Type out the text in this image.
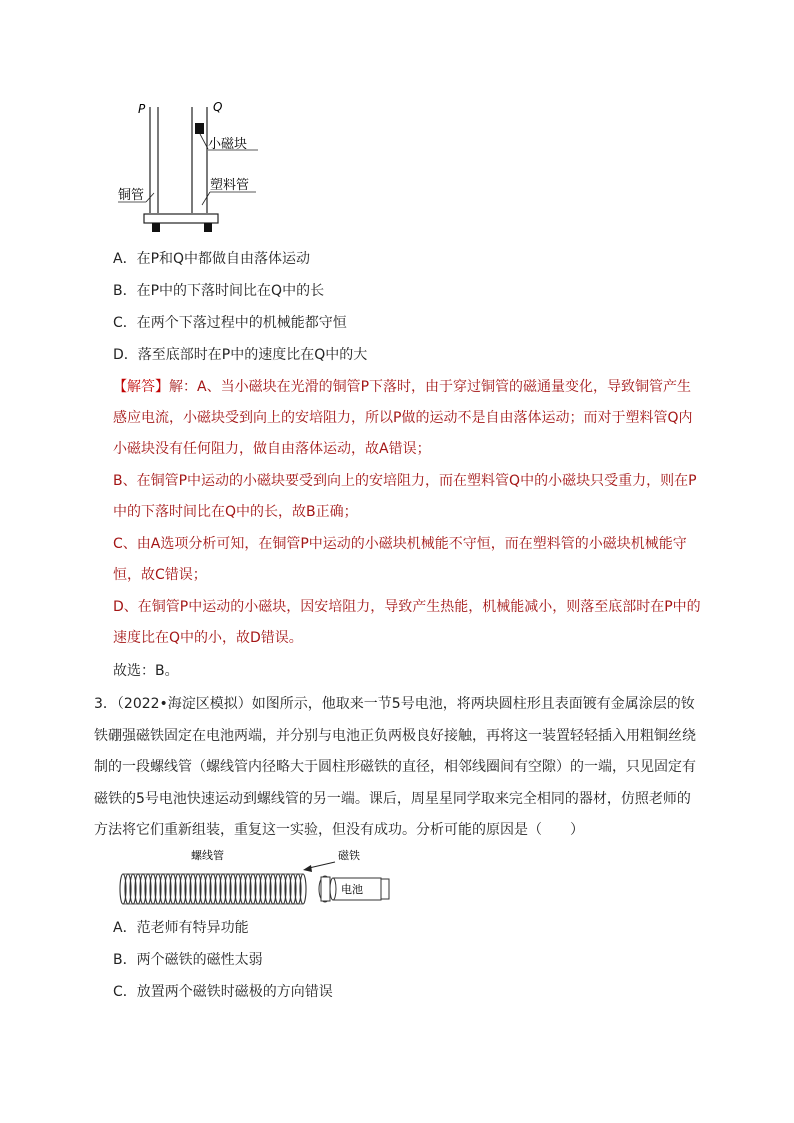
P	Q
小磁块
塑料管
铜管
A．在P和Q中都做自由落体运动
B．在P中的下落时间比在Q中的长
C．在两个下落过程中的机械能都守恒
D．落至底部时在P中的速度比在Q中的大
【解答】解：A、当小磁块在光滑的铜管P下落时，由于穿过铜管的磁通量变化，导致铜管产生感应电流，小磁块受到向上的安培阻力，所以P做的运动不是自由落体运动；而对于塑料管Q内小磁块没有任何阻力，做自由落体运动，故A错误；
B、在铜管P中运动的小磁块要受到向上的安培阻力，而在塑料管Q中的小磁块只受重力，则在P中的下落时间比在Q中的长，故B正确；
C、由A选项分析可知，在铜管P中运动的小磁块机械能不守恒，而在塑料管的小磁块机械能守恒，故C错误；
D、在铜管P中运动的小磁块，因安培阻力，导致产生热能，机械能减小，则落至底部时在P中的速度比在Q中的小，故D错误。
故选：B。
3．（2022•海淀区模拟）如图所示，他取来一节5号电池，将两块圆柱形且表面镀有金属涂层的钕铁硼强磁铁固定在电池两端，并分别与电池正负两极良好接触，再将这一装置轻轻插入用粗铜丝绕制的一段螺线管（螺线管内径略大于圆柱形磁铁的直径，相邻线圈间有空隙）的一端，只见固定有磁铁的5号电池快速运动到螺线管的另一端。课后，周星星同学取来完全相同的器材，仿照老师的方法将它们重新组装，重复这一实验，但没有成功。分析可能的原因是（　　）
螺线管	磁铁
电池
A．范老师有特异功能
B．两个磁铁的磁性太弱
C．放置两个磁铁时磁极的方向错误
